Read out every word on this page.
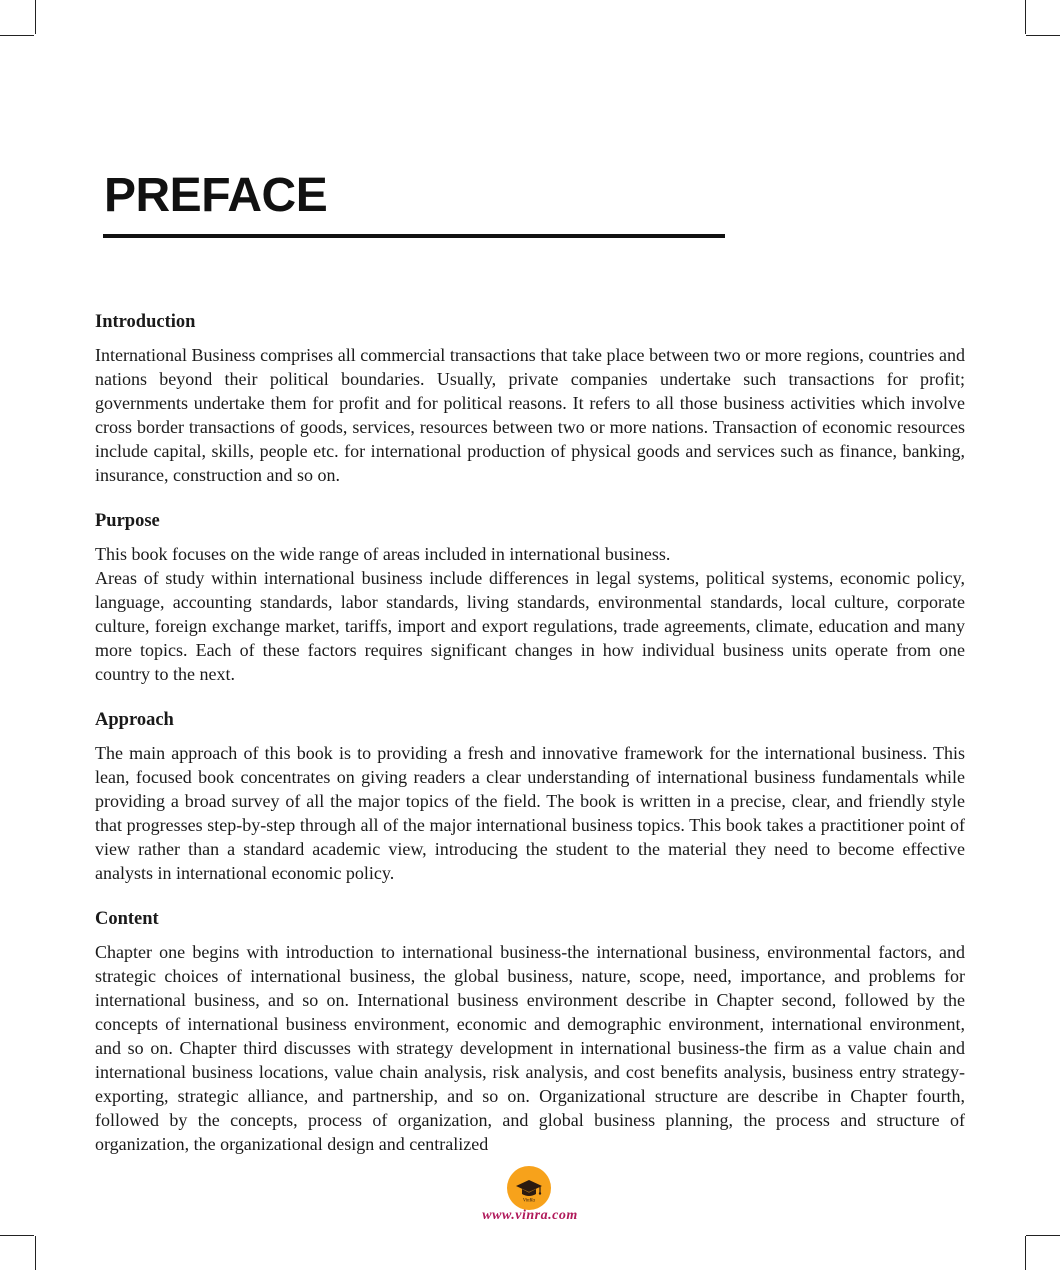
PREFACE
Introduction

International Business comprises all commercial transactions that take place between two or more regions, countries and nations beyond their political boundaries. Usually, private companies undertake such transactions for profit; governments undertake them for profit and for political reasons. It refers to all those business activities which involve cross border transactions of goods, services, resources between two or more nations. Transaction of economic resources include capital, skills, people etc. for international production of physical goods and services such as finance, banking, insurance, construction and so on.

Purpose

This book focuses on the wide range of areas included in international business.

Areas of study within international business include differences in legal systems, political systems, economic policy, language, accounting standards, labor standards, living standards, environmental standards, local culture, corporate culture, foreign exchange market, tariffs, import and export regulations, trade agreements, climate, education and many more topics. Each of these factors requires significant changes in how individual business units operate from one country to the next.

Approach

The main approach of this book is to providing a fresh and innovative framework for the international business. This lean, focused book concentrates on giving readers a clear understanding of international business fundamentals while providing a broad survey of all the major topics of the field. The book is written in a precise, clear, and friendly style that progresses step-by-step through all of the major international business topics. This book takes a practitioner point of view rather than a standard academic view, introducing the student to the material they need to become effective analysts in international economic policy.

Content

Chapter one begins with introduction to international business-the international business, environmental factors, and strategic choices of international business, the global business, nature, scope, need, importance, and problems for international business, and so on. International business environment describe in Chapter second, followed by the concepts of international business environment, economic and demographic environment, international environment, and so on. Chapter third discusses with strategy development in international business-the firm as a value chain and international business locations, value chain analysis, risk analysis, and cost benefits analysis, business entry strategy-exporting, strategic alliance, and partnership, and so on. Organizational structure are describe in Chapter fourth, followed by the concepts, process of organization, and global business planning, the process and structure of organization, the organizational design and centralized

VinRa
www.vinra.com
